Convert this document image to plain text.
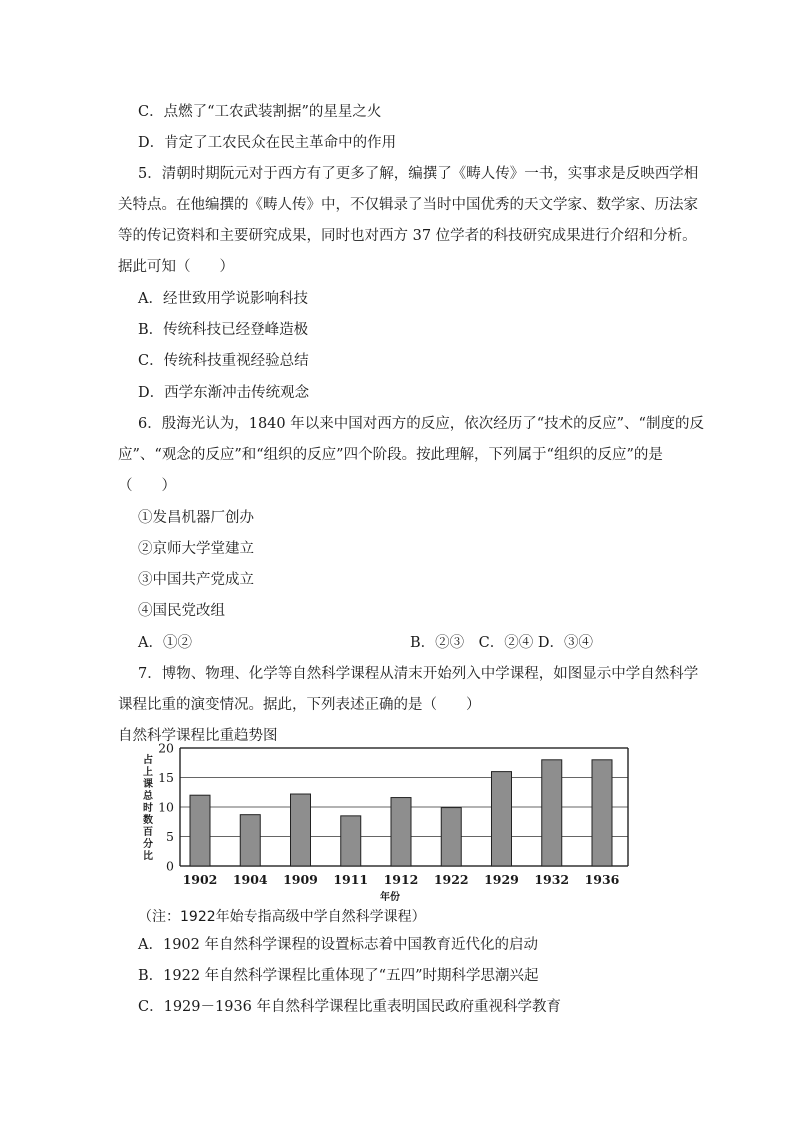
C．点燃了“工农武装割据”的星星之火
D．肯定了工农民众在民主革命中的作用
5．清朝时期阮元对于西方有了更多了解，编撰了《畴人传》一书，实事求是反映西学相
关特点。在他编撰的《畴人传》中，不仅辑录了当时中国优秀的天文学家、数学家、历法家
等的传记资料和主要研究成果，同时也对西方 37 位学者的科技研究成果进行介绍和分析。
据此可知（　　）
A．经世致用学说影响科技
B．传统科技已经登峰造极
C．传统科技重视经验总结
D．西学东渐冲击传统观念
6．殷海光认为，1840 年以来中国对西方的反应，依次经历了“技术的反应”、“制度的反
应”、“观念的反应”和“组织的反应”四个阶段。按此理解，下列属于“组织的反应”的是
（　　）
①发昌机器厂创办
②京师大学堂建立
③中国共产党成立
④国民党改组
A．①②	B．②③　C．②④ D．③④
7．博物、物理、化学等自然科学课程从清末开始列入中学课程，如图显示中学自然科学
课程比重的演变情况。据此，下列表述正确的是（　　）
自然科学课程比重趋势图
占
上
课
总
时
数
百
分
比
0
5
10
15
20
1902 1904 1909 1911 1912 1922 1929 1932 1936
年份
（注：1922年始专指高级中学自然科学课程）
A．1902 年自然科学课程的设置标志着中国教育近代化的启动
B．1922 年自然科学课程比重体现了“五四”时期科学思潮兴起
C．1929－1936 年自然科学课程比重表明国民政府重视科学教育
